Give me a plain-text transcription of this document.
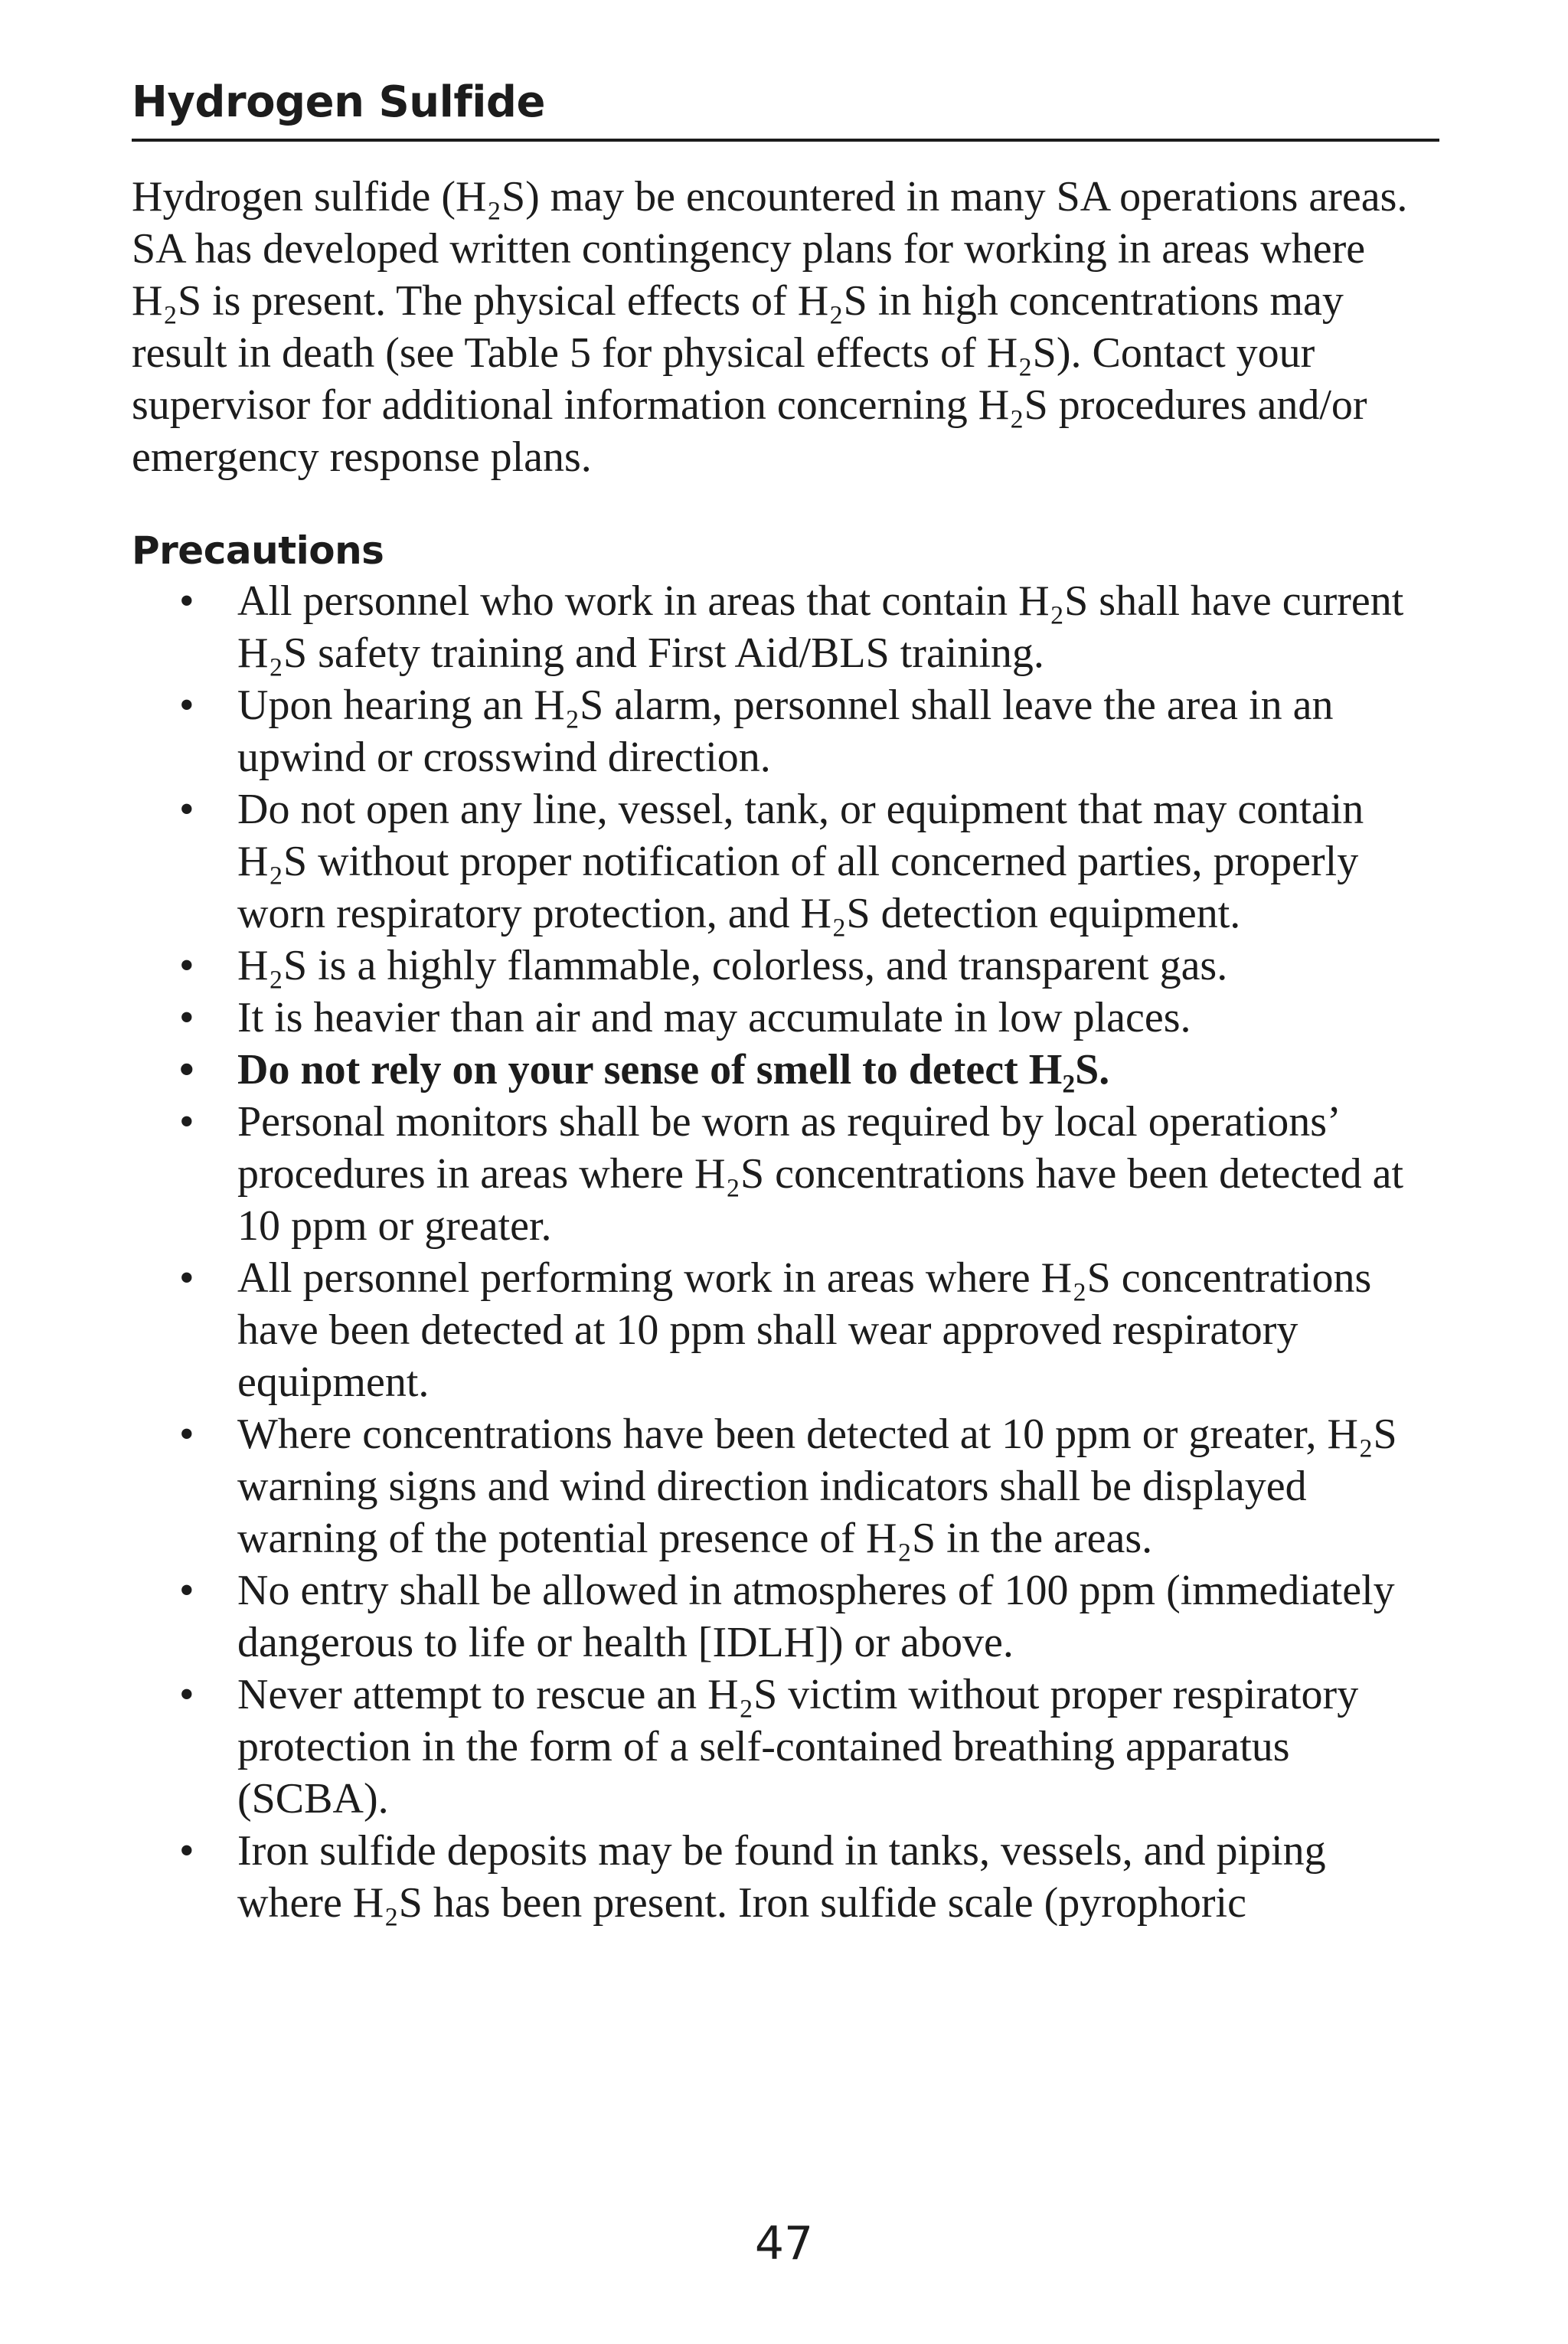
Hydrogen Sulfide

Hydrogen sulfide (H₂S) may be encountered in many SA operations areas. SA has developed written contingency plans for working in areas where H₂S is present. The physical effects of H₂S in high concentrations may result in death (see Table 5 for physical effects of H₂S). Contact your supervisor for additional information concerning H₂S procedures and/or emergency response plans.

Precautions
• All personnel who work in areas that contain H₂S shall have current H₂S safety training and First Aid/BLS training.
• Upon hearing an H₂S alarm, personnel shall leave the area in an upwind or crosswind direction.
• Do not open any line, vessel, tank, or equipment that may contain H₂S without proper notification of all concerned parties, properly worn respiratory protection, and H₂S detection equipment.
• H₂S is a highly flammable, colorless, and transparent gas.
• It is heavier than air and may accumulate in low places.
• Do not rely on your sense of smell to detect H₂S.
• Personal monitors shall be worn as required by local operations’ procedures in areas where H₂S concentrations have been detected at 10 ppm or greater.
• All personnel performing work in areas where H₂S concentrations have been detected at 10 ppm shall wear approved respiratory equipment.
• Where concentrations have been detected at 10 ppm or greater, H₂S warning signs and wind direction indicators shall be displayed warning of the potential presence of H₂S in the areas.
• No entry shall be allowed in atmospheres of 100 ppm (immediately dangerous to life or health [IDLH]) or above.
• Never attempt to rescue an H₂S victim without proper respiratory protection in the form of a self-contained breathing apparatus (SCBA).
• Iron sulfide deposits may be found in tanks, vessels, and piping where H₂S has been present. Iron sulfide scale (pyrophoric
47
